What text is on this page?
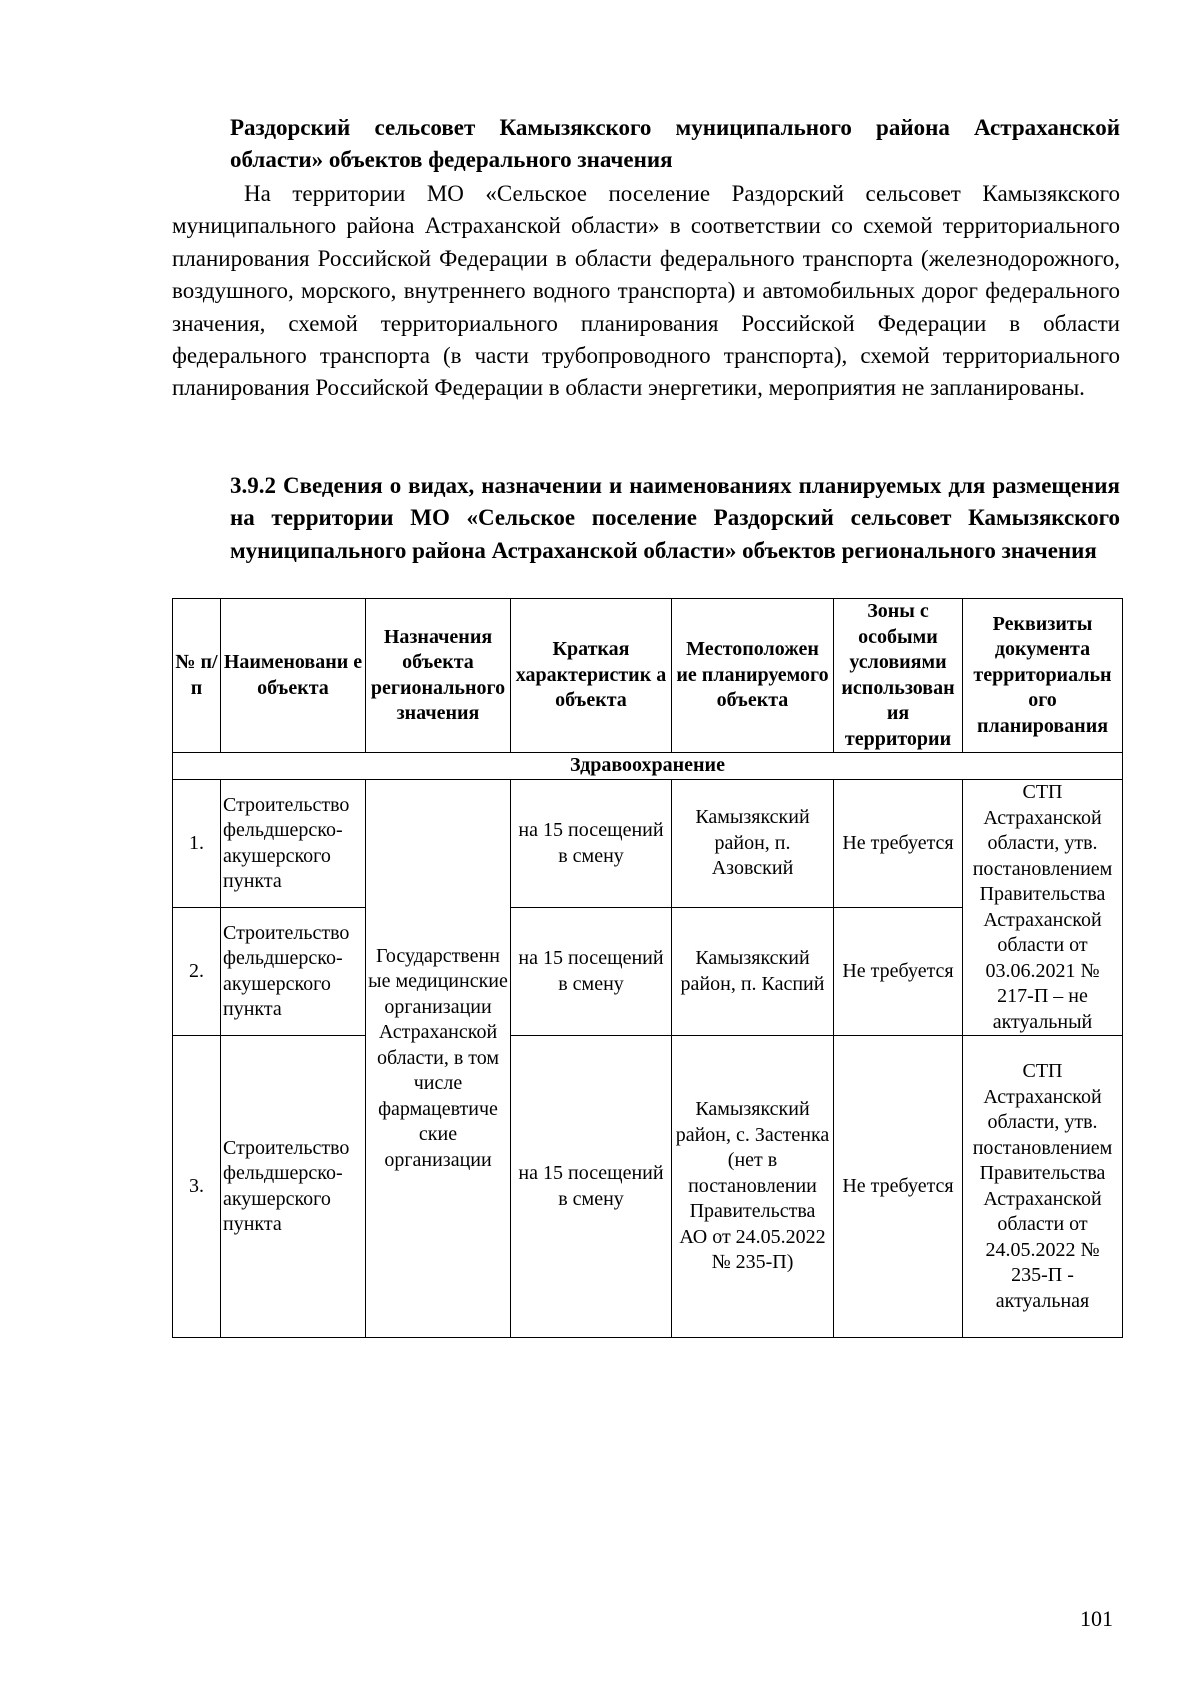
Раздорский сельсовет Камызякского муниципального района Астраханской области» объектов федерального значения
На территории МО «Сельское поселение Раздорский сельсовет Камызякского муниципального района Астраханской области» в соответствии со схемой территориального планирования Российской Федерации в области федерального транспорта (железнодорожного, воздушного, морского, внутреннего водного транспорта) и автомобильных дорог федерального значения, схемой территориального планирования Российской Федерации в области федерального транспорта (в части трубопроводного транспорта), схемой территориального планирования Российской Федерации в области энергетики, мероприятия не запланированы.
3.9.2 Сведения о видах, назначении и наименованиях планируемых для размещения на территории МО «Сельское поселение Раздорский сельсовет Камызякского муниципального района Астраханской области» объектов регионального значения
№ п/п	Наименовани е объекта	Назначения объекта регионального значения	Краткая характеристик а объекта	Местоположен ие планируемого объекта	Зоны с особыми условиями использован ия территории	Реквизиты документа территориальн ого планирования
Здравоохранение						
1.	Строительство фельдшерско-акушерского пункта	Государственн ые медицинские организации Астраханской области, в том числе фармацевтиче ские организации	на 15 посещений в смену	Камызякский район, п. Азовский	Не требуется	СТП Астраханской области, утв. постановлением Правительства Астраханской области от 03.06.2021 № 217-П – не актуальный
2.	Строительство фельдшерско-акушерского пункта		на 15 посещений в смену	Камызякский район, п. Каспий	Не требуется	
3.	Строительство фельдшерско-акушерского пункта		на 15 посещений в смену	Камызякский район, с. Застенка (нет в постановлении Правительства АО от 24.05.2022 № 235-П)	Не требуется	СТП Астраханской области, утв. постановлением Правительства Астраханской области от 24.05.2022 № 235-П - актуальная
101
